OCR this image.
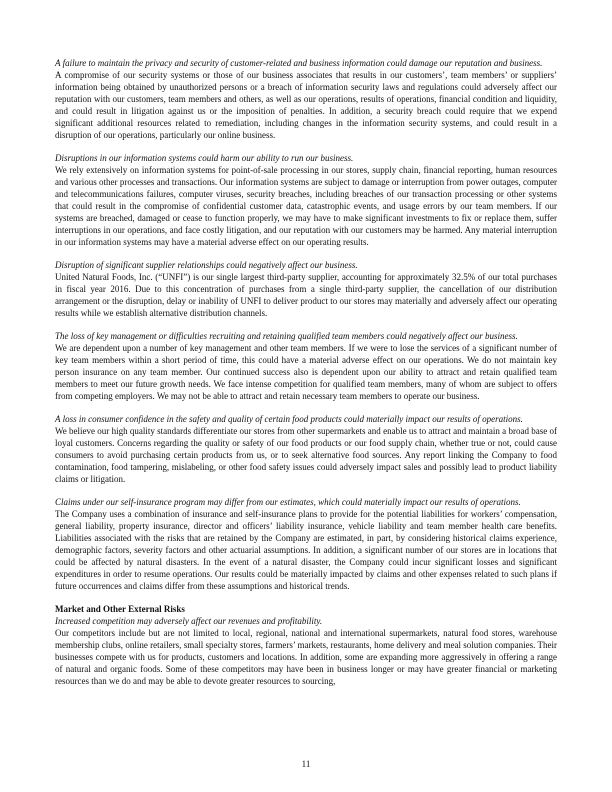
A failure to maintain the privacy and security of customer-related and business information could damage our reputation and business.

A compromise of our security systems or those of our business associates that results in our customers’, team members’ or suppliers’ information being obtained by unauthorized persons or a breach of information security laws and regulations could adversely affect our reputation with our customers, team members and others, as well as our operations, results of operations, financial condition and liquidity, and could result in litigation against us or the imposition of penalties. In addition, a security breach could require that we expend significant additional resources related to remediation, including changes in the information security systems, and could result in a disruption of our operations, particularly our online business.

Disruptions in our information systems could harm our ability to run our business.

We rely extensively on information systems for point-of-sale processing in our stores, supply chain, financial reporting, human resources and various other processes and transactions. Our information systems are subject to damage or interruption from power outages, computer and telecommunications failures, computer viruses, security breaches, including breaches of our transaction processing or other systems that could result in the compromise of confidential customer data, catastrophic events, and usage errors by our team members. If our systems are breached, damaged or cease to function properly, we may have to make significant investments to fix or replace them, suffer interruptions in our operations, and face costly litigation, and our reputation with our customers may be harmed. Any material interruption in our information systems may have a material adverse effect on our operating results.

Disruption of significant supplier relationships could negatively affect our business.

United Natural Foods, Inc. (“UNFI”) is our single largest third-party supplier, accounting for approximately 32.5% of our total purchases in fiscal year 2016. Due to this concentration of purchases from a single third-party supplier, the cancellation of our distribution arrangement or the disruption, delay or inability of UNFI to deliver product to our stores may materially and adversely affect our operating results while we establish alternative distribution channels.

The loss of key management or difficulties recruiting and retaining qualified team members could negatively affect our business.

We are dependent upon a number of key management and other team members. If we were to lose the services of a significant number of key team members within a short period of time, this could have a material adverse effect on our operations. We do not maintain key person insurance on any team member. Our continued success also is dependent upon our ability to attract and retain qualified team members to meet our future growth needs. We face intense competition for qualified team members, many of whom are subject to offers from competing employers. We may not be able to attract and retain necessary team members to operate our business.

A loss in consumer confidence in the safety and quality of certain food products could materially impact our results of operations.

We believe our high quality standards differentiate our stores from other supermarkets and enable us to attract and maintain a broad base of loyal customers. Concerns regarding the quality or safety of our food products or our food supply chain, whether true or not, could cause consumers to avoid purchasing certain products from us, or to seek alternative food sources. Any report linking the Company to food contamination, food tampering, mislabeling, or other food safety issues could adversely impact sales and possibly lead to product liability claims or litigation.

Claims under our self-insurance program may differ from our estimates, which could materially impact our results of operations.

The Company uses a combination of insurance and self-insurance plans to provide for the potential liabilities for workers’ compensation, general liability, property insurance, director and officers’ liability insurance, vehicle liability and team member health care benefits. Liabilities associated with the risks that are retained by the Company are estimated, in part, by considering historical claims experience, demographic factors, severity factors and other actuarial assumptions. In addition, a significant number of our stores are in locations that could be affected by natural disasters. In the event of a natural disaster, the Company could incur significant losses and significant expenditures in order to resume operations. Our results could be materially impacted by claims and other expenses related to such plans if future occurrences and claims differ from these assumptions and historical trends.

Market and Other External Risks

Increased competition may adversely affect our revenues and profitability.

Our competitors include but are not limited to local, regional, national and international supermarkets, natural food stores, warehouse membership clubs, online retailers, small specialty stores, farmers’ markets, restaurants, home delivery and meal solution companies. Their businesses compete with us for products, customers and locations. In addition, some are expanding more aggressively in offering a range of natural and organic foods. Some of these competitors may have been in business longer or may have greater financial or marketing resources than we do and may be able to devote greater resources to sourcing,

11
